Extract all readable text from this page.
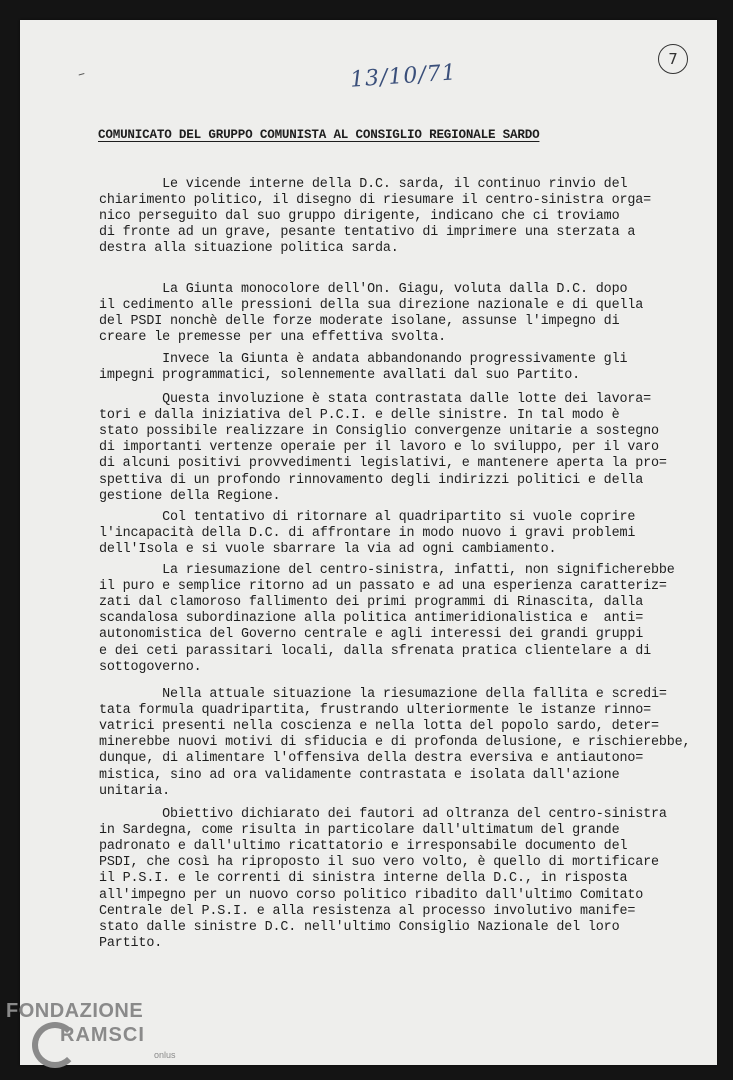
–	13/10/71
7
COMUNICATO DEL GRUPPO COMUNISTA AL CONSIGLIO REGIONALE SARDO
Le vicende interne della D.C. sarda, il continuo rinvio del
chiarimento politico, il disegno di riesumare il centro-sinistra orga=
nico perseguito dal suo gruppo dirigente, indicano che ci troviamo
di fronte ad un grave, pesante tentativo di imprimere una sterzata a
destra alla situazione politica sarda.
La Giunta monocolore dell'On. Giagu, voluta dalla D.C. dopo
il cedimento alle pressioni della sua direzione nazionale e di quella
del PSDI nonchè delle forze moderate isolane, assunse l'impegno di
creare le premesse per una effettiva svolta.
Invece la Giunta è andata abbandonando progressivamente gli
impegni programmatici, solennemente avallati dal suo Partito.
Questa involuzione è stata contrastata dalle lotte dei lavora=
tori e dalla iniziativa del P.C.I. e delle sinistre. In tal modo è
stato possibile realizzare in Consiglio convergenze unitarie a sostegno
di importanti vertenze operaie per il lavoro e lo sviluppo, per il varo
di alcuni positivi provvedimenti legislativi, e mantenere aperta la pro=
spettiva di un profondo rinnovamento degli indirizzi politici e della
gestione della Regione.
Col tentativo di ritornare al quadripartito si vuole coprire
l'incapacità della D.C. di affrontare in modo nuovo i gravi problemi
dell'Isola e si vuole sbarrare la via ad ogni cambiamento.
La riesumazione del centro-sinistra, infatti, non significherebbe
il puro e semplice ritorno ad un passato e ad una esperienza caratteriz=
zati dal clamoroso fallimento dei primi programmi di Rinascita, dalla
scandalosa subordinazione alla politica antimeridionalistica e  anti=
autonomistica del Governo centrale e agli interessi dei grandi gruppi
e dei ceti parassitari locali, dalla sfrenata pratica clientelare a di
sottogoverno.
Nella attuale situazione la riesumazione della fallita e scredi=
tata formula quadripartita, frustrando ulteriormente le istanze rinno=
vatrici presenti nella coscienza e nella lotta del popolo sardo, deter=
minerebbe nuovi motivi di sfiducia e di profonda delusione, e rischierebbe,
dunque, di alimentare l'offensiva della destra eversiva e antiautono=
mistica, sino ad ora validamente contrastata e isolata dall'azione
unitaria.
Obiettivo dichiarato dei fautori ad oltranza del centro-sinistra
in Sardegna, come risulta in particolare dall'ultimatum del grande
padronato e dall'ultimo ricattatorio e irresponsabile documento del
PSDI, che così ha riproposto il suo vero volto, è quello di mortificare
il P.S.I. e le correnti di sinistra interne della D.C., in risposta
all'impegno per un nuovo corso politico ribadito dall'ultimo Comitato
Centrale del P.S.I. e alla resistenza al processo involutivo manife=
stato dalle sinistre D.C. nell'ultimo Consiglio Nazionale del loro
Partito.
FONDAZIONE
RAMSCI
onlus
